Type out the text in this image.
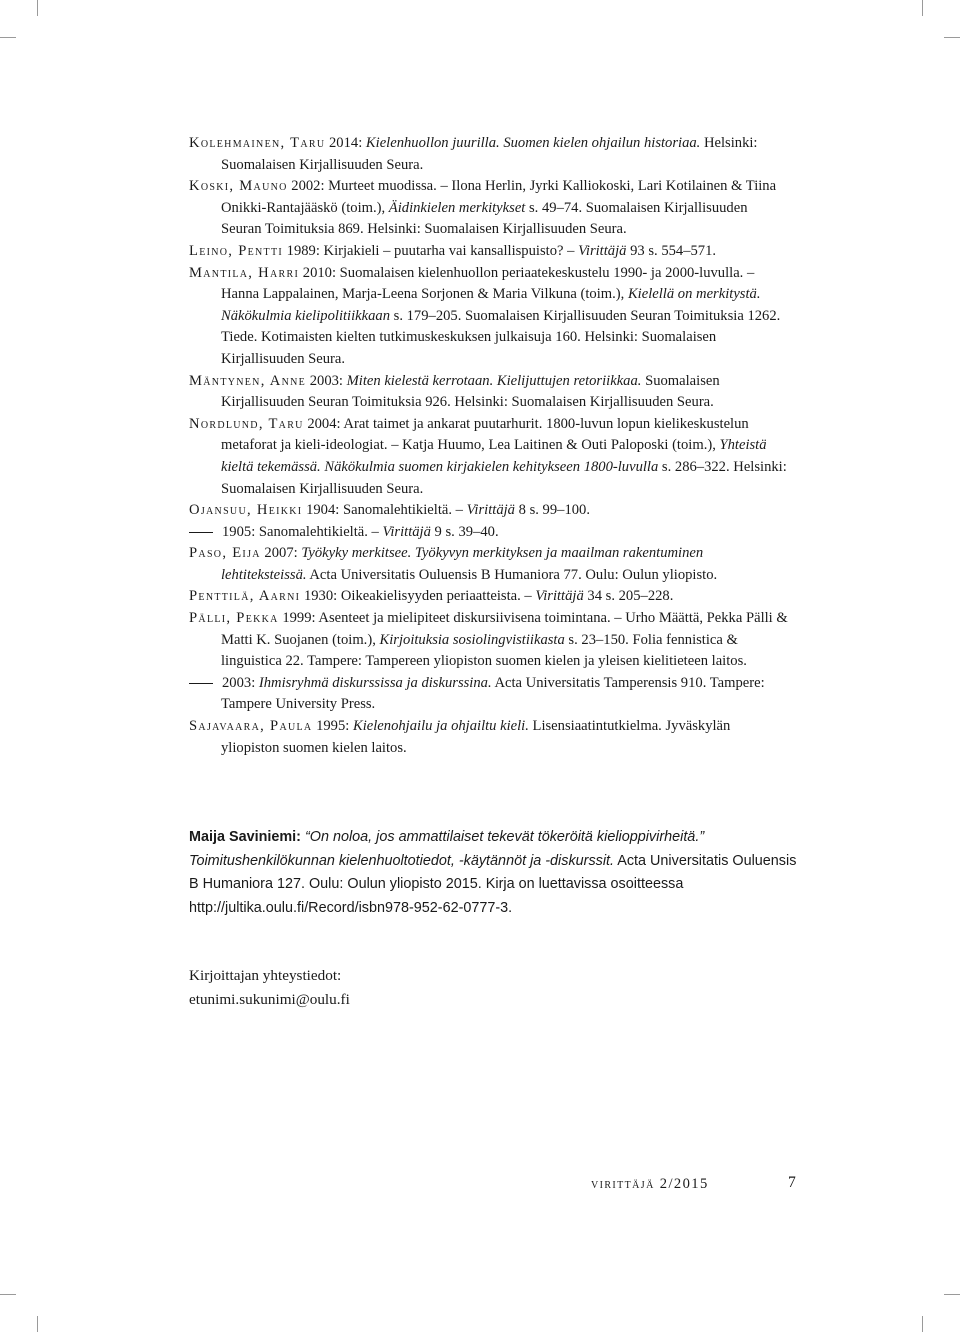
Kolehmainen, Taru 2014: Kielenhuollon juurilla. Suomen kielen ohjailun historiaa. Helsinki: Suomalaisen Kirjallisuuden Seura.
Koski, Mauno 2002: Murteet muodissa. – Ilona Herlin, Jyrki Kalliokoski, Lari Kotilainen & Tiina Onikki-Rantajääskö (toim.), Äidinkielen merkitykset s. 49–74. Suomalaisen Kirjallisuuden Seuran Toimituksia 869. Helsinki: Suomalaisen Kirjallisuuden Seura.
Leino, Pentti 1989: Kirjakieli – puutarha vai kansallispuisto? – Virittäjä 93 s. 554–571.
Mantila, Harri 2010: Suomalaisen kielenhuollon periaatekeskustelu 1990- ja 2000-luvulla. – Hanna Lappalainen, Marja-Leena Sorjonen & Maria Vilkuna (toim.), Kielellä on merkitystä. Näkökulmia kielipolitiikkaan s. 179–205. Suomalaisen Kirjallisuuden Seuran Toimituksia 1262. Tiede. Kotimaisten kielten tutkimuskeskuksen julkaisuja 160. Helsinki: Suomalaisen Kirjallisuuden Seura.
Mäntynen, Anne 2003: Miten kielestä kerrotaan. Kielijuttujen retoriikkaa. Suomalaisen Kirjallisuuden Seuran Toimituksia 926. Helsinki: Suomalaisen Kirjallisuuden Seura.
Nordlund, Taru 2004: Arat taimet ja ankarat puutarhurit. 1800-luvun lopun kielikeskustelun metaforat ja kieli-ideologiat. – Katja Huumo, Lea Laitinen & Outi Paloposki (toim.), Yhteistä kieltä tekemässä. Näkökulmia suomen kirjakielen kehitykseen 1800-luvulla s. 286–322. Helsinki: Suomalaisen Kirjallisuuden Seura.
Ojansuu, Heikki 1904: Sanomalehtikieltä. – Virittäjä 8 s. 99–100.
1905: Sanomalehtikieltä. – Virittäjä 9 s. 39–40.
Paso, Eija 2007: Työkyky merkitsee. Työkyvyn merkityksen ja maailman rakentuminen lehtiteksteissä. Acta Universitatis Ouluensis B Humaniora 77. Oulu: Oulun yliopisto.
Penttilä, Aarni 1930: Oikeakielisyyden periaatteista. – Virittäjä 34 s. 205–228.
Pälli, Pekka 1999: Asenteet ja mielipiteet diskursiivisena toimintana. – Urho Määttä, Pekka Pälli & Matti K. Suojanen (toim.), Kirjoituksia sosiolingvistiikasta s. 23–150. Folia fennistica & linguistica 22. Tampere: Tampereen yliopiston suomen kielen ja yleisen kielitieteen laitos.
2003: Ihmisryhmä diskurssissa ja diskurssina. Acta Universitatis Tamperensis 910. Tampere: Tampere University Press.
Sajavaara, Paula 1995: Kielenohjailu ja ohjailtu kieli. Lisensiaatintutkielma. Jyväskylän yliopiston suomen kielen laitos.
Maija Saviniemi: “On noloa, jos ammattilaiset tekevät tökeröitä kielioppivirheitä.” Toimitushenkilökunnan kielenhuoltotiedot, -käytännöt ja -diskurssit. Acta Universitatis Ouluensis B Humaniora 127. Oulu: Oulun yliopisto 2015. Kirja on luettavissa osoitteessa http://jultika.oulu.fi/Record/isbn978-952-62-0777-3.
Kirjoittajan yhteystiedot:
etunimi.sukunimi@oulu.fi
virittäjä 2/2015	7
